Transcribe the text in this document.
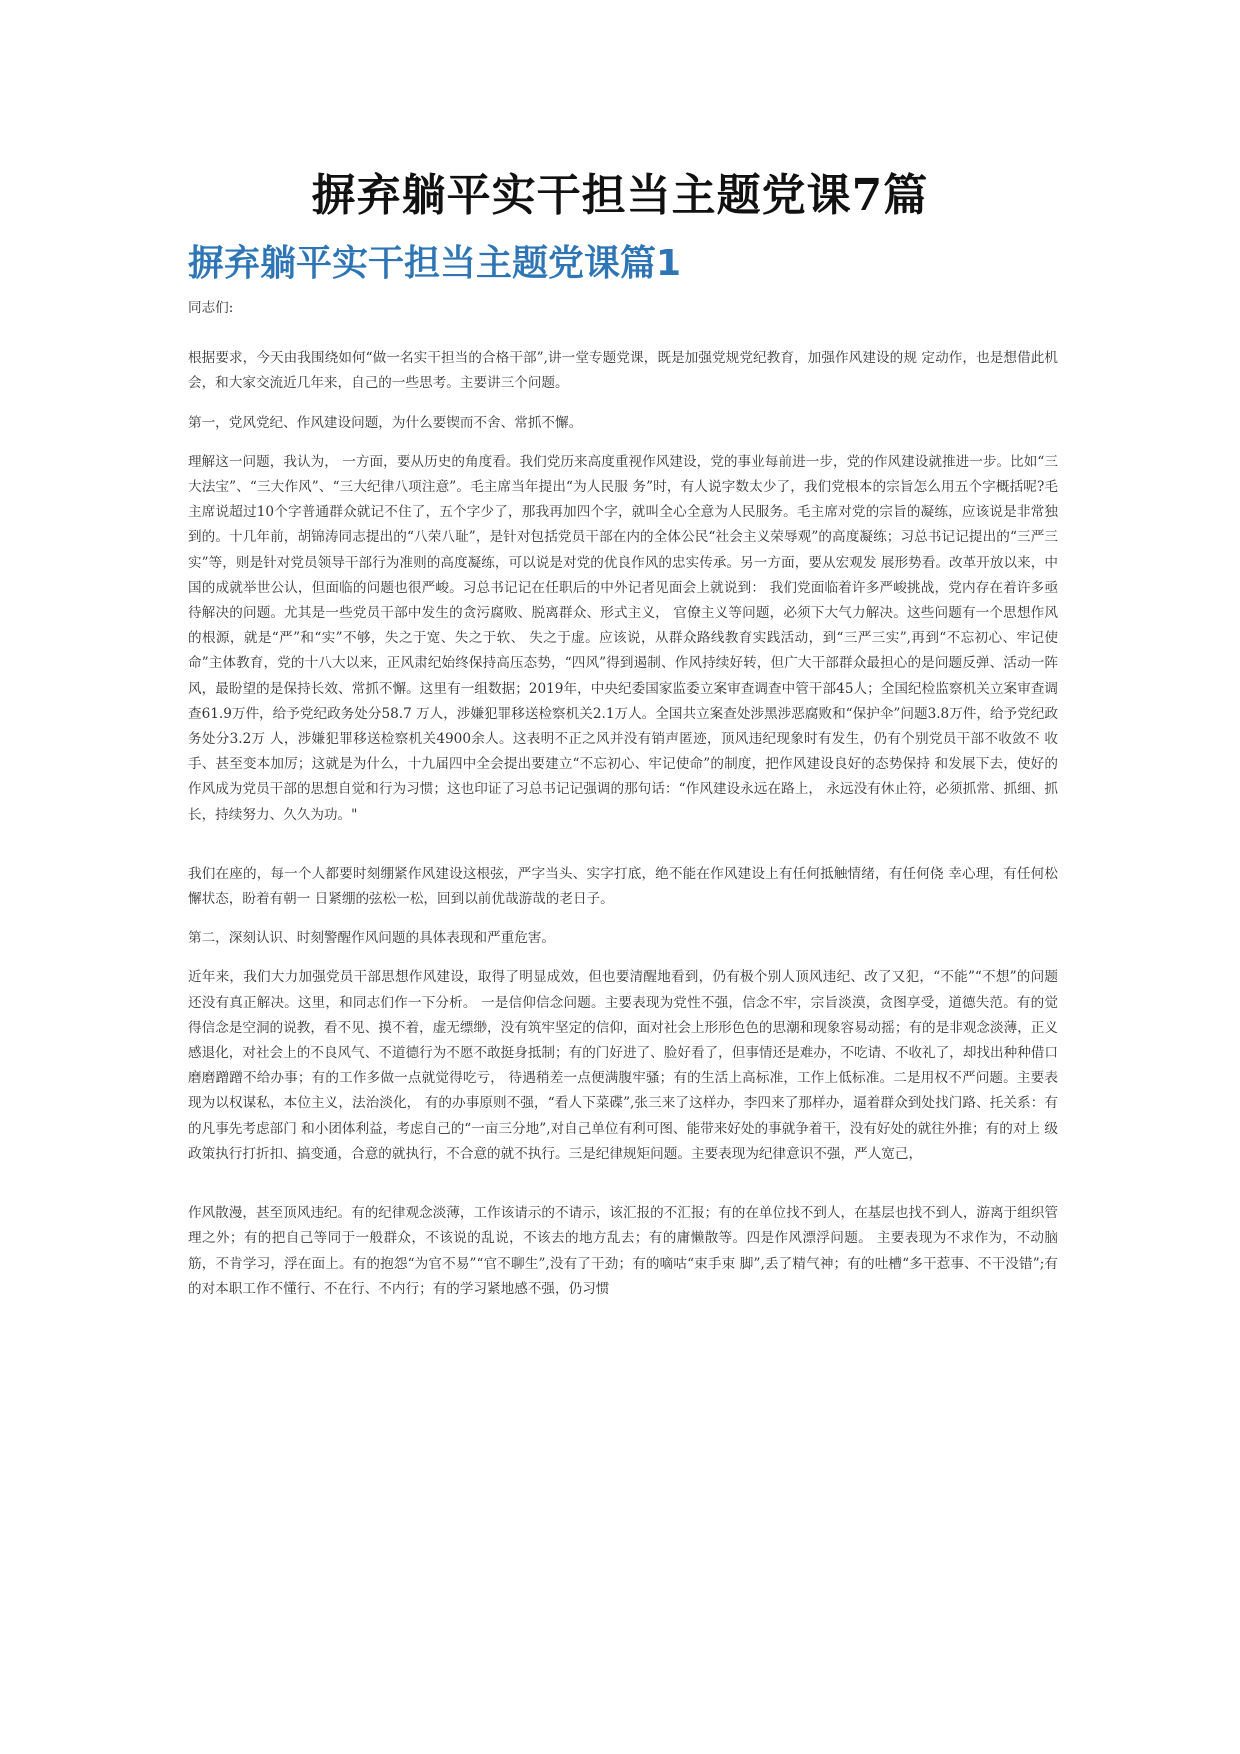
摒弃躺平实干担当主题党课7篇
摒弃躺平实干担当主题党课篇1

同志们:

根据要求，今天由我围绕如何“做一名实干担当的合格干部”,讲一堂专题党课，既是加强党规党纪教育，加强作风建设的规 定动作，也是想借此机会，和大家交流近几年来，自己的一些思考。主要讲三个问题。

第一，党风党纪、作风建设问题，为什么要锲而不舍、常抓不懈。

理解这一问题，我认为， 一方面，要从历史的角度看。我们党历来高度重视作风建设，党的事业每前进一步，党的作风建设就推进一步。比如“三大法宝”、“三大作风”、“三大纪律八项注意”。毛主席当年提出“为人民服 务”时，有人说字数太少了，我们党根本的宗旨怎么用五个字概括呢?毛主席说超过10个字普通群众就记不住了，五个字少了，那我再加四个字，就叫全心全意为人民服务。毛主席对党的宗旨的凝练，应该说是非常独到的。十几年前，胡锦涛同志提出的“八荣八耻”，是针对包括党员干部在内的全体公民“社会主义荣辱观”的高度凝练；习总书记记提出的“三严三实”等，则是针对党员领导干部行为准则的高度凝练，可以说是对党的优良作风的忠实传承。另一方面，要从宏观发 展形势看。改革开放以来，中国的成就举世公认，但面临的问题也很严峻。习总书记记在任职后的中外记者见面会上就说到： 我们党面临着许多严峻挑战，党内存在着许多亟待解决的问题。尤其是一些党员干部中发生的贪污腐败、脱离群众、形式主义， 官僚主义等问题，必须下大气力解决。这些问题有一个思想作风的根源，就是“严”和“实”不够，失之于宽、失之于软、 失之于虚。应该说，从群众路线教育实践活动，到“三严三实”,再到“不忘初心、牢记使命”主体教育，党的十八大以来，正风肃纪始终保持高压态势，“四风”得到遏制、作风持续好转，但广大干部群众最担心的是问题反弹、活动一阵风，最盼望的是保持长效、常抓不懈。这里有一组数据；2019年，中央纪委国家监委立案审查调查中管干部45人；全国纪检监察机关立案审查调查61.9万件，给予党纪政务处分58.7 万人，涉嫌犯罪移送检察机关2.1万人。全国共立案查处涉黑涉恶腐败和“保护伞”问题3.8万件，给予党纪政务处分3.2万 人，涉嫌犯罪移送检察机关4900余人。这表明不正之风并没有销声匿迹，顶风违纪现象时有发生，仍有个别党员干部不收敛不 收手、甚至变本加厉；这就是为什么，十九届四中全会提出要建立“不忘初心、牢记使命”的制度，把作风建设良好的态势保持 和发展下去，使好的作风成为党员干部的思想自觉和行为习惯；这也印证了习总书记记强调的那句话：“作风建设永远在路上， 永远没有休止符，必须抓常、抓细、抓长，持续努力、久久为功。"

我们在座的，每一个人都要时刻绷紧作风建设这根弦，严字当头、实字打底，绝不能在作风建设上有任何抵触情绪，有任何侥 幸心理，有任何松懈状态，盼着有朝一 日紧绷的弦松一松，回到以前优哉游哉的老日子。

第二，深刻认识、时刻警醒作风问题的具体表现和严重危害。

近年来，我们大力加强党员干部思想作风建设，取得了明显成效，但也要清醒地看到，仍有极个别人顶风违纪、改了又犯，“不能”“不想”的问题还没有真正解决。这里，和同志们作一下分析。 一是信仰信念问题。主要表现为党性不强，信念不牢，宗旨淡漠，贪图享受，道德失范。有的觉得信念是空洞的说教，看不见、摸不着，虚无缥缈，没有筑牢坚定的信仰，面对社会上形形色色的思潮和现象容易动摇；有的是非观念淡薄，正义感退化，对社会上的不良风气、不道德行为不愿不敢挺身抵制；有的门好进了、脸好看了，但事情还是难办，不吃请、不收礼了，却找出种种借口磨磨蹭蹭不给办事；有的工作多做一点就觉得吃亏， 待遇稍差一点便满腹牢骚；有的生活上高标准，工作上低标准。二是用权不严问题。主要表现为以权谋私，本位主义，法治淡化， 有的办事原则不强，“看人下菜碟”,张三来了这样办，李四来了那样办，逼着群众到处找门路、托关系：有的凡事先考虑部门 和小团体利益，考虑自己的“一亩三分地”,对自己单位有利可图、能带来好处的事就争着干，没有好处的就往外推；有的对上 级政策执行打折扣、搞变通，合意的就执行，不合意的就不执行。三是纪律规矩问题。主要表现为纪律意识不强，严人宽己，

作风散漫，甚至顶风违纪。有的纪律观念淡薄，工作该请示的不请示，该汇报的不汇报；有的在单位找不到人，在基层也找不到人，游离于组织管理之外；有的把自己等同于一般群众，不该说的乱说，不该去的地方乱去；有的庸懒散等。四是作风漂浮问题。 主要表现为不求作为，不动脑筋，不肯学习，浮在面上。有的抱怨“为官不易”“官不聊生”,没有了干劲；有的嘀咕“束手束 脚”,丢了精气神；有的吐槽“多干惹事、不干没错”;有的对本职工作不懂行、不在行、不内行；有的学习紧地感不强，仍习惯
